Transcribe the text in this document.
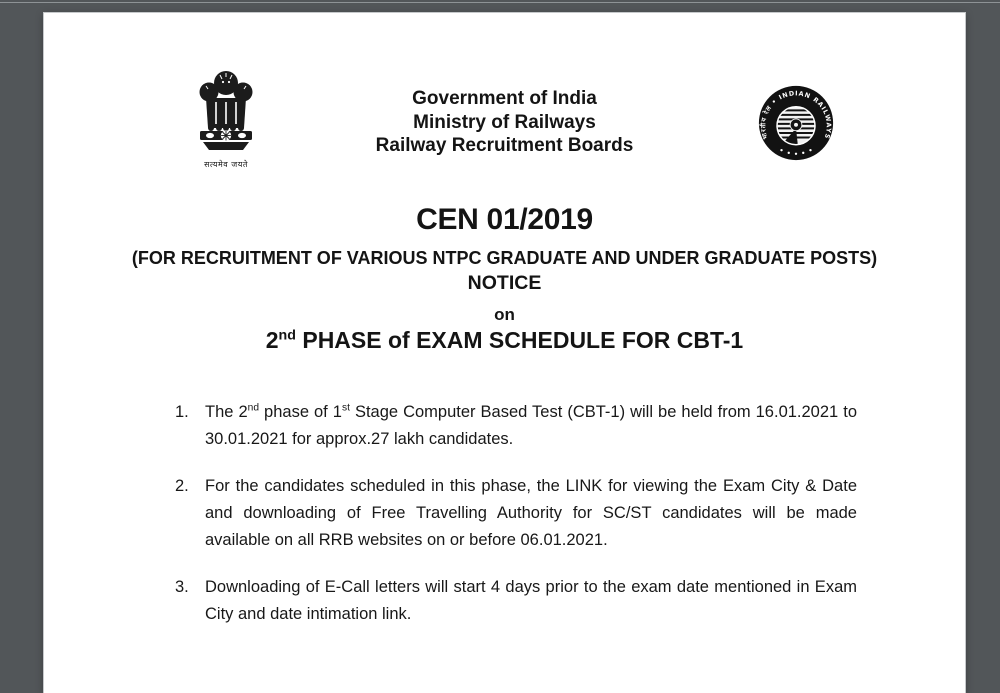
सत्यमेव जयते
Government of India
Ministry of Railways
Railway Recruitment Boards	भारतीय रेल • INDIAN RAILWAYS
CEN 01/2019
(FOR RECRUITMENT OF VARIOUS NTPC GRADUATE AND UNDER GRADUATE POSTS)
NOTICE
on
2nd PHASE of EXAM SCHEDULE FOR CBT-1
1. The 2nd phase of 1st Stage Computer Based Test (CBT-1) will be held from 16.01.2021 to 30.01.2021 for approx.27 lakh candidates.

2. For the candidates scheduled in this phase, the LINK for viewing the Exam City & Date and downloading of Free Travelling Authority for SC/ST candidates will be made available on all RRB websites on or before 06.01.2021.

3. Downloading of E-Call letters will start 4 days prior to the exam date mentioned in Exam City and date intimation link.
